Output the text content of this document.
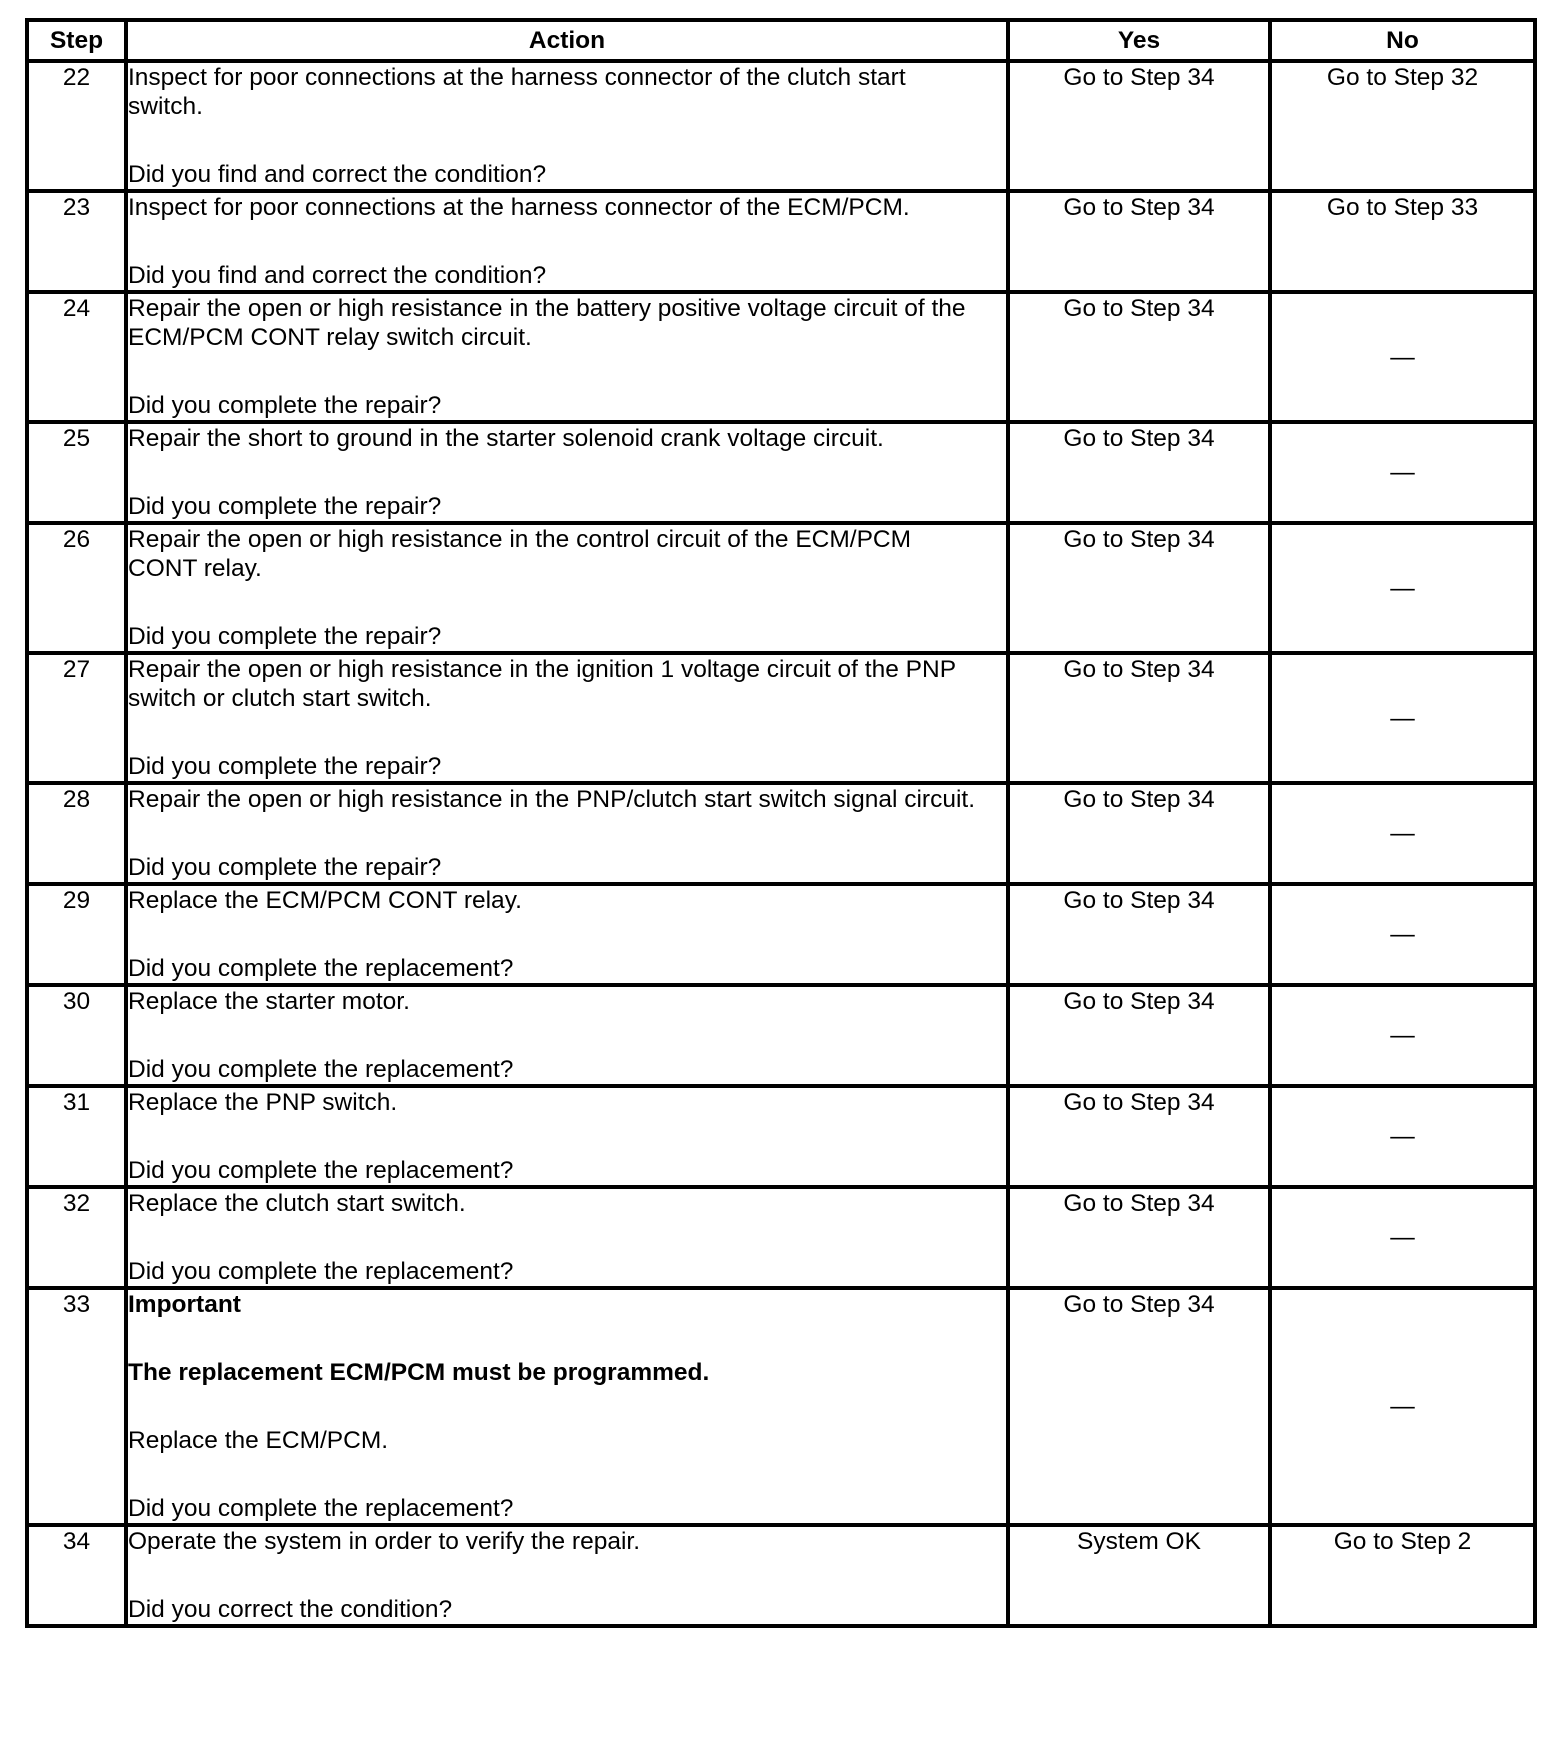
Step	Action	Yes	No
22	Inspect for poor connections at the harness connector of the clutch start
switch.
Did you find and correct the condition?	Go to Step 34	Go to Step 32
23	Inspect for poor connections at the harness connector of the ECM/PCM.
Did you find and correct the condition?	Go to Step 34	Go to Step 33
24	Repair the open or high resistance in the battery positive voltage circuit of the
ECM/PCM CONT relay switch circuit.
Did you complete the repair?	Go to Step 34	—
25	Repair the short to ground in the starter solenoid crank voltage circuit.
Did you complete the repair?	Go to Step 34	—
26	Repair the open or high resistance in the control circuit of the ECM/PCM
CONT relay.
Did you complete the repair?	Go to Step 34	—
27	Repair the open or high resistance in the ignition 1 voltage circuit of the PNP
switch or clutch start switch.
Did you complete the repair?	Go to Step 34	—
28	Repair the open or high resistance in the PNP/clutch start switch signal circuit.
Did you complete the repair?	Go to Step 34	—
29	Replace the ECM/PCM CONT relay.
Did you complete the replacement?	Go to Step 34	—
30	Replace the starter motor.
Did you complete the replacement?	Go to Step 34	—
31	Replace the PNP switch.
Did you complete the replacement?	Go to Step 34	—
32	Replace the clutch start switch.
Did you complete the replacement?	Go to Step 34	—
33	Important
The replacement ECM/PCM must be programmed.
Replace the ECM/PCM.
Did you complete the replacement?	Go to Step 34	—
34	Operate the system in order to verify the repair.
Did you correct the condition?	System OK	Go to Step 2
